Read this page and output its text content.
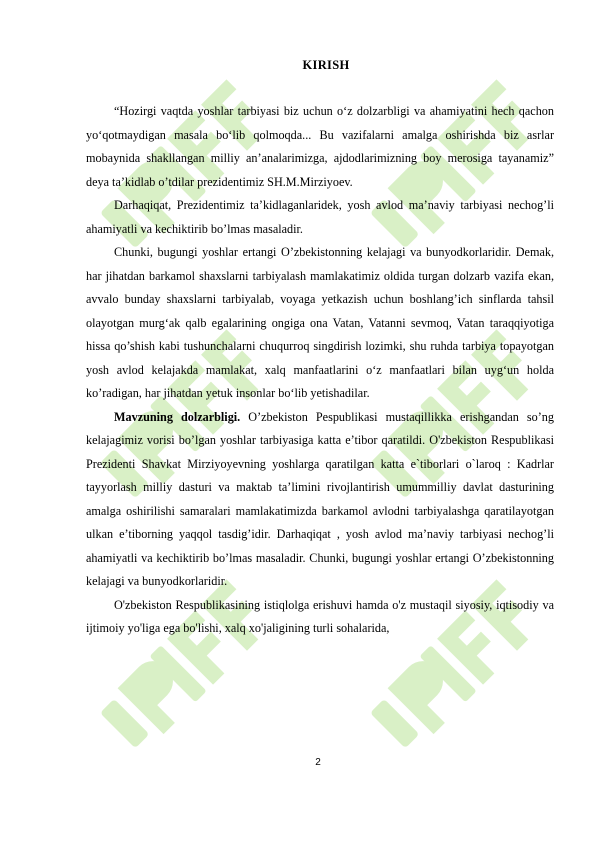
KIRISH

“Hozirgi vaqtda yoshlar tarbiyasi biz uchun o‘z dolzarbligi va ahamiyatini hech qachon yo‘qotmaydigan masala bo‘lib qolmoqda... Bu vazifalarni amalga oshirishda biz asrlar mobaynida shakllangan milliy an’analarimizga, ajdodlarimizning boy merosiga tayanamiz” deya ta’kidlab o’tdilar prezidentimiz SH.M.Mirziyoev.

Darhaqiqat, Prezidentimiz ta’kidlaganlaridek, yosh avlod ma’naviy tarbiyasi nechog’li ahamiyatli va kechiktirib bo’lmas masaladir.

Chunki, bugungi yoshlar ertangi O’zbekistonning kelajagi va bunyodkorlaridir. Demak, har jihatdan barkamol shaxslarni tarbiyalash mamlakatimiz oldida turgan dolzarb vazifa ekan, avvalo bunday shaxslarni tarbiyalab, voyaga yetkazish uchun boshlang’ich sinflarda tahsil olayotgan murg‘ak qalb egalarining ongiga ona Vatan, Vatanni sevmoq, Vatan taraqqiyotiga hissa qo’shish kabi tushunchalarni chuqurroq singdirish lozimki, shu ruhda tarbiya topayotgan yosh avlod kelajakda mamlakat, xalq manfaatlarini o‘z manfaatlari bilan uyg‘un holda ko’radigan, har jihatdan yetuk insonlar bo‘lib yetishadilar.

Mavzuning dolzarbligi. O’zbekiston Pespublikasi mustaqillikka erishgandan so’ng kelajagimiz vorisi bo’lgan yoshlar tarbiyasiga katta e’tibor qaratildi. O'zbekiston Respublikasi Prezidenti Shavkat Mirziyoyevning yoshlarga qaratilgan katta e`tiborlari o`laroq : Kadrlar tayyorlash milliy dasturi va maktab ta’limini rivojlantirish umummilliy davlat dasturining amalga oshirilishi samaralari mamlakatimizda barkamol avlodni tarbiyalashga qaratilayotgan ulkan e’tiborning yaqqol tasdig’idir. Darhaqiqat , yosh avlod ma’naviy tarbiyasi nechog’li ahamiyatli va kechiktirib bo’lmas masaladir. Chunki, bugungi yoshlar ertangi O’zbekistonning kelajagi va bunyodkorlaridir.

O'zbekiston Respublikasining istiqlolga erishuvi hamda o'z mustaqil siyosiy, iqtisodiy va ijtimoiy yo'liga ega bo'lishi, xalq xo'jaligining turli sohalarida,

2
